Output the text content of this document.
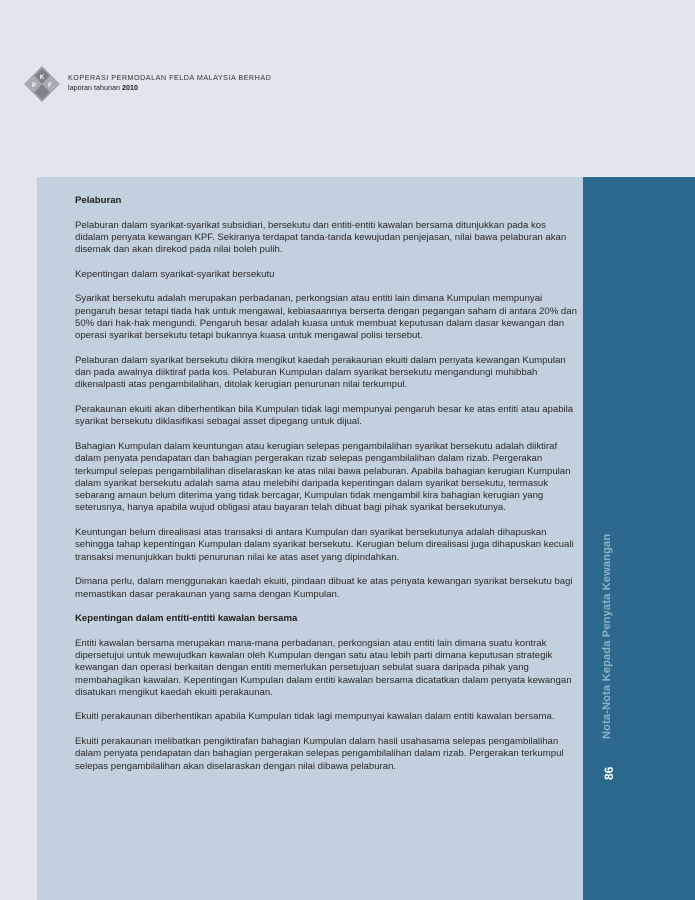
K
P F
KOPERASI PERMODALAN FELDA MALAYSIA BERHAD
laporan tahunan 2010

Pelaburan

Pelaburan dalam syarikat-syarikat subsidiari, bersekutu dan entiti-entiti kawalan bersama ditunjukkan pada kos didalam penyata kewangan KPF. Sekiranya terdapat tanda-tanda kewujudan penjejasan, nilai bawa pelaburan akan disemak dan akan direkod pada nilai boleh pulih.

Kepentingan dalam syarikat-syarikat bersekutu

Syarikat bersekutu adalah merupakan perbadanan, perkongsian atau entiti lain dimana Kumpulan mempunyai pengaruh besar tetapi tiada hak untuk mengawal, kebiasaannya berserta dengan pegangan saham di antara 20% dan 50% dari hak-hak mengundi. Pengaruh besar adalah kuasa untuk membuat keputusan dalam dasar kewangan dan operasi syarikat bersekutu tetapi bukannya kuasa untuk mengawal polisi tersebut.

Pelaburan dalam syarikat bersekutu dikira mengikut kaedah perakaunan ekuiti dalam penyata kewangan Kumpulan dan pada awalnya diiktiraf pada kos. Pelaburan Kumpulan dalam syarikat bersekutu mengandungi muhibbah dikenalpasti atas pengambilalihan, ditolak kerugian penurunan nilai terkumpul.

Perakaunan ekuiti akan diberhentikan bila Kumpulan tidak lagi mempunyai pengaruh besar ke atas entiti atau apabila syarikat bersekutu diklasifikasi sebagai asset dipegang untuk dijual.

Bahagian Kumpulan dalam keuntungan atau kerugian selepas pengambilalihan syarikat bersekutu adalah diiktiraf dalam penyata pendapatan dan bahagian pergerakan rizab selepas pengambilalihan dalam rizab. Pergerakan terkumpul selepas pengambilalihan diselaraskan ke atas nilai bawa pelaburan. Apabila bahagian kerugian Kumpulan dalam syarikat bersekutu adalah sama atau melebihi daripada kepentingan dalam syarikat bersekutu, termasuk sebarang amaun belum diterima yang tidak bercagar, Kumpulan tidak mengambil kira bahagian kerugian yang seterusnya, hanya apabila wujud obligasi atau bayaran telah dibuat bagi pihak syarikat bersekutunya.

Keuntungan belum direalisasi atas transaksi di antara Kumpulan dan syarikat bersekutunya adalah dihapuskan sehingga tahap kepentingan Kumpulan dalam syarikat bersekutu. Kerugian belum direalisasi juga dihapuskan kecuali transaksi menunjukkan bukti penurunan nilai ke atas aset yang dipindahkan.

Dimana perlu, dalam menggunakan kaedah ekuiti, pindaan dibuat ke atas penyata kewangan syarikat bersekutu bagi memastikan dasar perakaunan yang sama dengan Kumpulan.

Kepentingan dalam entiti-entiti kawalan bersama

Entiti kawalan bersama merupakan mana-mana perbadanan, perkongsian atau entiti lain dimana suatu kontrak dipersetujui untuk mewujudkan kawalan oleh Kumpulan dengan satu atau lebih parti dimana keputusan strategik kewangan dan operasi berkaitan dengan entiti memerlukan persetujuan sebulat suara daripada pihak yang membahagikan kawalan. Kepentingan Kumpulan dalam entiti kawalan bersama dicatatkan dalam penyata kewangan disatukan mengikut kaedah ekuiti perakaunan.

Ekuiti perakaunan diberhentikan apabila Kumpulan tidak lagi mempunyai kawalan dalam entiti kawalan bersama.

Ekuiti perakaunan melibatkan pengiktirafan bahagian Kumpulan dalam hasil usahasama selepas pengambilalihan dalam penyata pendapatan dan bahagian pergerakan selepas pengambilalihan dalam rizab. Pergerakan terkumpul selepas pengambilalihan akan diselaraskan dengan nilai dibawa pelaburan.

Nota-Nota Kepada Penyata Kewangan
86
